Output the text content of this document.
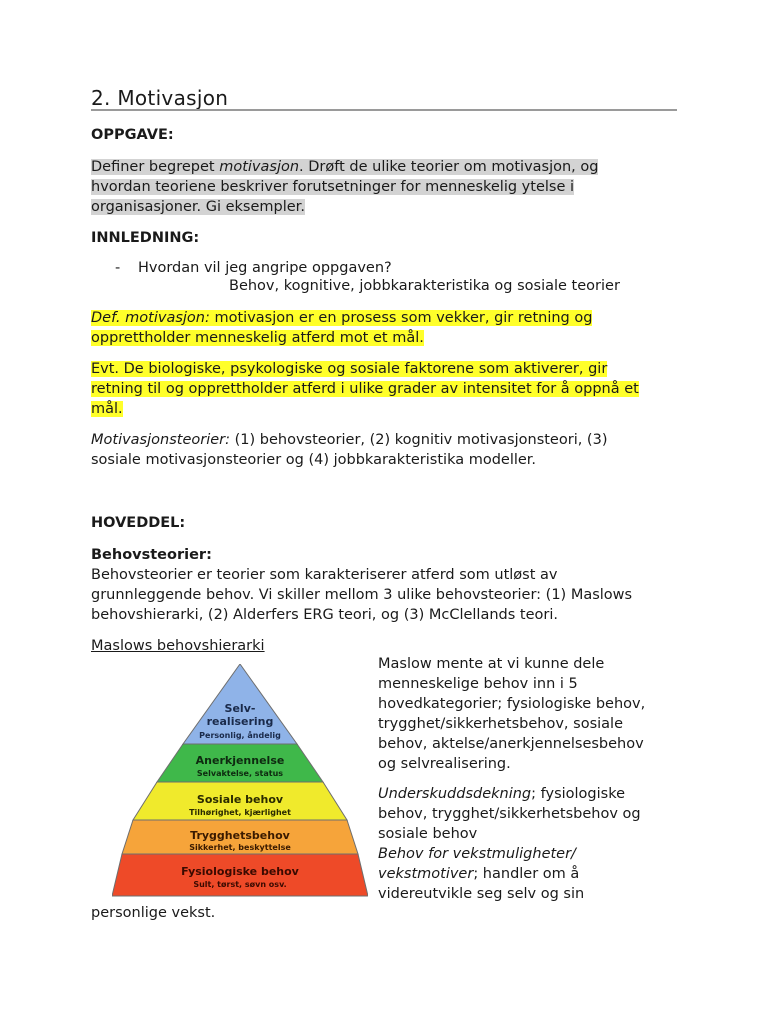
2. Motivasjon
OPPGAVE:
Definer begrepet motivasjon. Drøft de ulike teorier om motivasjon, og
hvordan teoriene beskriver forutsetninger for menneskelig ytelse i
organisasjoner. Gi eksempler.
INNLEDNING:
- Hvordan vil jeg angripe oppgaven?
Behov, kognitive, jobbkarakteristika og sosiale teorier
Def. motivasjon: motivasjon er en prosess som vekker, gir retning og
opprettholder menneskelig atferd mot et mål.
Evt. De biologiske, psykologiske og sosiale faktorene som aktiverer, gir
retning til og opprettholder atferd i ulike grader av intensitet for å oppnå et
mål.
Motivasjonsteorier: (1) behovsteorier, (2) kognitiv motivasjonsteori, (3)
sosiale motivasjonsteorier og (4) jobbkarakteristika modeller.
HOVEDDEL:
Behovsteorier:
Behovsteorier er teorier som karakteriserer atferd som utløst av
grunnleggende behov. Vi skiller mellom 3 ulike behovsteorier: (1) Maslows
behovshierarki, (2) Alderfers ERG teori, og (3) McClellands teori.
Maslows behovshierarki
Selv-
realisering
Personlig, åndelig
Anerkjennelse
Selvaktelse, status
Sosiale behov
Tilhørighet, kjærlighet
Trygghetsbehov
Sikkerhet, beskyttelse
Fysiologiske behov
Sult, tørst, søvn osv.
Maslow mente at vi kunne dele
menneskelige behov inn i 5
hovedkategorier; fysiologiske behov,
trygghet/sikkerhetsbehov, sosiale
behov, aktelse/anerkjennelsesbehov
og selvrealisering.
Underskuddsdekning; fysiologiske
behov, trygghet/sikkerhetsbehov og
sosiale behov
Behov for vekstmuligheter/
vekstmotiver; handler om å
videreutvikle seg selv og sin
personlige vekst.
